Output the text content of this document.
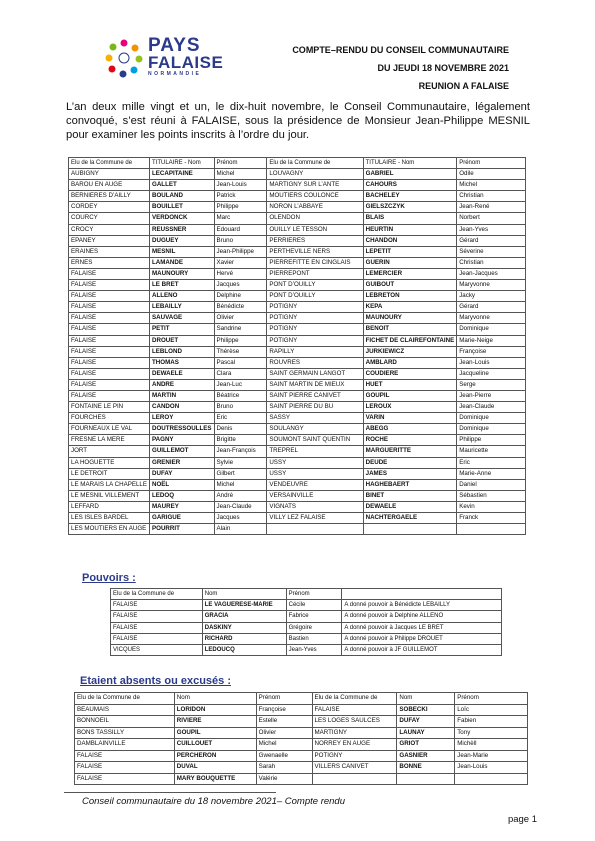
PAYS
FALAISE
NORMANDIE
COMPTE–RENDU DU CONSEIL COMMUNAUTAIRE
DU JEUDI 18 NOVEMBRE 2021
REUNION A FALAISE
L’an deux mille vingt et un, le dix-huit novembre, le Conseil Communautaire, légalement convoqué, s’est réuni à FALAISE, sous la présidence de Monsieur Jean-Philippe MESNIL pour examiner les points inscrits à l’ordre du jour.
Elu de la Commune de	TITULAIRE - Nom	Prénom	Elu de la Commune de	TITULAIRE - Nom	Prénom
AUBIGNY	LECAPITAINE	Michel	LOUVAGNY	GABRIEL	Odile
BAROU EN AUGE	GALLET	Jean-Louis	MARTIGNY SUR L’ANTE	CAHOURS	Michel
BERNIERES D’AILLY	BOULAND	Patrick	MOUTIERS COULONCE	BACHELEY	Christian
CORDEY	BOUILLET	Philippe	NORON L’ABBAYE	GIELSZCZYK	Jean-René
COURCY	VERDONCK	Marc	OLENDON	BLAIS	Norbert
CROCY	REUSSNER	Edouard	OUILLY LE TESSON	HEURTIN	Jean-Yves
EPANEY	DUGUEY	Bruno	PERRIERES	CHANDON	Gérard
ERAINES	MESNIL	Jean-Philippe	PERTHEVILLE NERS	LEPETIT	Séverine
ERNES	LAMANDE	Xavier	PIERREFITTE EN CINGLAIS	GUERIN	Christian
FALAISE	MAUNOURY	Hervé	PIERREPONT	LEMERCIER	Jean-Jacques
FALAISE	LE BRET	Jacques	PONT D’OUILLY	GUIBOUT	Maryvonne
FALAISE	ALLENO	Delphine	PONT D’OUILLY	LEBRETON	Jacky
FALAISE	LEBAILLY	Bénédicte	POTIGNY	KEPA	Gérard
FALAISE	SAUVAGE	Olivier	POTIGNY	MAUNOURY	Maryvonne
FALAISE	PETIT	Sandrine	POTIGNY	BENOIT	Dominique
FALAISE	DROUET	Philippe	POTIGNY	FICHET DE CLAIREFONTAINE	Marie-Neige
FALAISE	LEBLOND	Thérèse	RAPILLY	JURKIEWICZ	Françoise
FALAISE	THOMAS	Pascal	ROUVRES	AMBLARD	Jean-Louis
FALAISE	DEWAELE	Clara	SAINT GERMAIN LANGOT	COUDIERE	Jacqueline
FALAISE	ANDRE	Jean-Luc	SAINT MARTIN DE MIEUX	HUET	Serge
FALAISE	MARTIN	Béatrice	SAINT PIERRE CANIVET	GOUPIL	Jean-Pierre
FONTAINE LE PIN	CANDON	Bruno	SAINT PIERRE DU BU	LEROUX	Jean-Claude
FOURCHES	LEROY	Eric	SASSY	VARIN	Dominique
FOURNEAUX LE VAL	DOUTRESSOULLES	Denis	SOULANGY	ABEGG	Dominique
FRESNE LA MERE	PAGNY	Brigitte	SOUMONT SAINT QUENTIN	ROCHE	Philippe
JORT	GUILLEMOT	Jean-François	TREPREL	MARGUERITTE	Mauricette
LA HOGUETTE	GRENIER	Sylvie	USSY	DEUDE	Eric
LE DETROIT	DUFAY	Gilbert	USSY	JAMES	Marie-Anne
LE MARAIS LA CHAPELLE	NOËL	Michel	VENDEUVRE	HAGHEBAERT	Daniel
LE MESNIL VILLEMENT	LEDOQ	André	VERSAINVILLE	BINET	Sébastien
LEFFARD	MAUREY	Jean-Claude	VIGNATS	DEWAELE	Kevin
LES ISLES BARDEL	GARIGUE	Jacques	VILLY LEZ FALAISE	NACHTERGAELE	Franck
LES MOUTIERS EN AUGE	POURRIT	Alain			
Pouvoirs :
Elu de la Commune de	Nom	Prénom	
FALAISE	LE VAGUERESE-MARIE	Cécile	A donné pouvoir à Bénédicte LEBAILLY
FALAISE	GRACIA	Fabrice	A donné pouvoir à Delphine ALLENO
FALAISE	DASKINY	Grégoire	A donné pouvoir à Jacques LE BRET
FALAISE	RICHARD	Bastien	A donné pouvoir à Philippe DROUET
VICQUES	LEDOUCQ	Jean-Yves	A donné pouvoir à JF GUILLEMOT
Etaient absents ou excusés :
Elu de la Commune de	Nom	Prénom	Elu de la Commune de	Nom	Prénom
BEAUMAIS	LORIDON	Françoise	FALAISE	SOBECKI	Loïc
BONNOEIL	RIVIERE	Estelle	LES LOGES SAULCES	DUFAY	Fabien
BONS TASSILLY	GOUPIL	Olivier	MARTIGNY	LAUNAY	Tony
DAMBLAINVILLE	CUILLOUET	Michel	NORREY EN AUGE	GRIOT	Michèll
FALAISE	PERCHERON	Gwenaelle	POTIGNY	GASNIER	Jean-Marie
FALAISE	DUVAL	Sarah	VILLERS CANIVET	BONNE	Jean-Louis
FALAISE	MARY BOUQUETTE	Valérie			
Conseil communautaire du 18 novembre 2021– Compte rendu
page 1
